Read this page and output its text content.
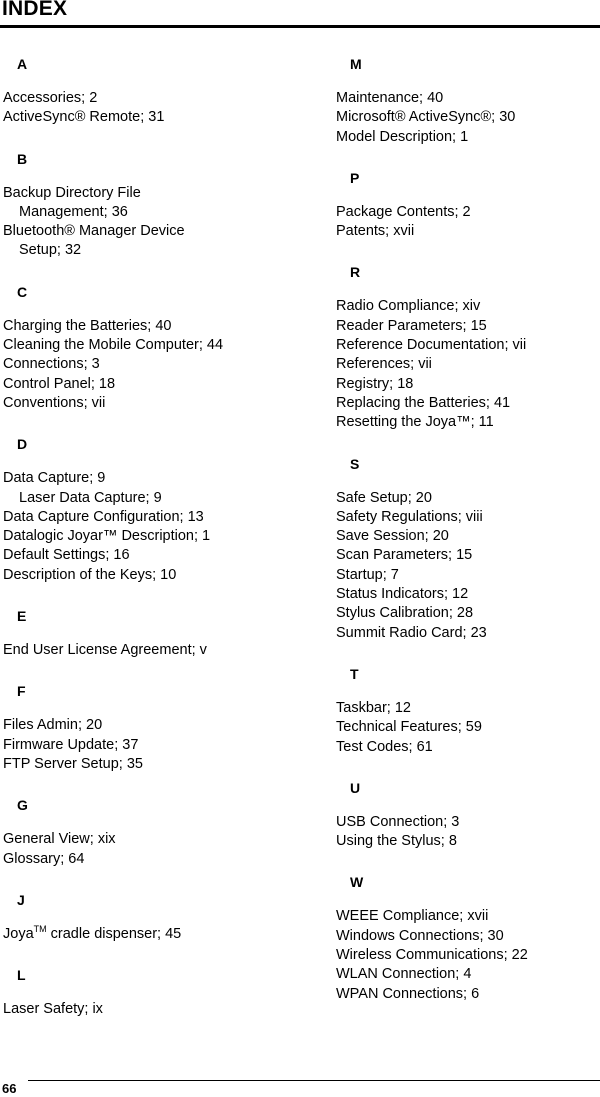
INDEX
A
Accessories; 2
ActiveSync® Remote; 31
B
Backup Directory File
Management; 36
Bluetooth® Manager Device
Setup; 32
C
Charging the Batteries; 40
Cleaning the Mobile Computer; 44
Connections; 3
Control Panel; 18
Conventions; vii
D
Data Capture; 9
Laser Data Capture; 9
Data Capture Configuration; 13
Datalogic Joyar™ Description; 1
Default Settings; 16
Description of the Keys; 10
E
End User License Agreement; v
F
Files Admin; 20
Firmware Update; 37
FTP Server Setup; 35
G
General View; xix
Glossary; 64
J
Joya™ cradle dispenser; 45
L
Laser Safety; ix
M
Maintenance; 40
Microsoft® ActiveSync®; 30
Model Description; 1
P
Package Contents; 2
Patents; xvii
R
Radio Compliance; xiv
Reader Parameters; 15
Reference Documentation; vii
References; vii
Registry; 18
Replacing the Batteries; 41
Resetting the Joya™; 11
S
Safe Setup; 20
Safety Regulations; viii
Save Session; 20
Scan Parameters; 15
Startup; 7
Status Indicators; 12
Stylus Calibration; 28
Summit Radio Card; 23
T
Taskbar; 12
Technical Features; 59
Test Codes; 61
U
USB Connection; 3
Using the Stylus; 8
W
WEEE Compliance; xvii
Windows Connections; 30
Wireless Communications; 22
WLAN Connection; 4
WPAN Connections; 6
66
